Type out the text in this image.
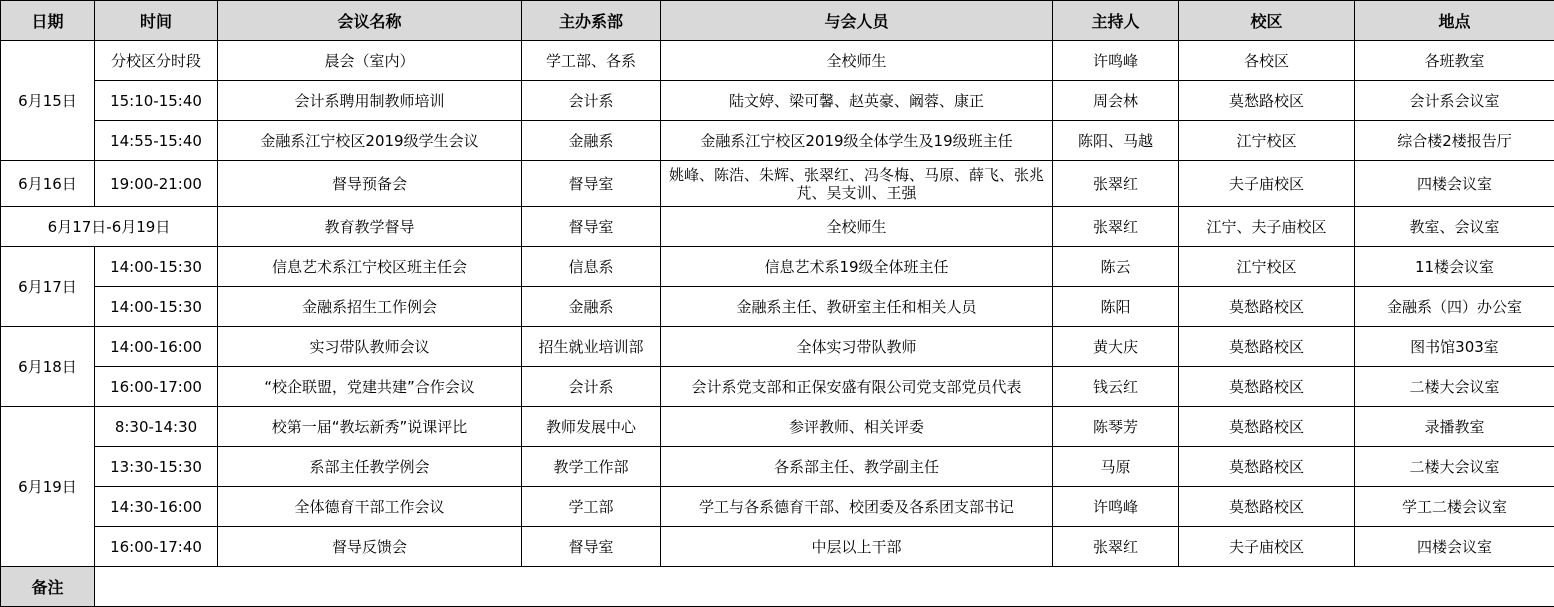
日期	时间	会议名称	主办系部	与会人员	主持人	校区	地点
6月15日	分校区分时段	晨会（室内）	学工部、各系	全校师生	许鸣峰	各校区	各班教室
	15:10-15:40	会计系聘用制教师培训	会计系	陆文婷、梁可馨、赵英豪、阚蓉、康正	周会林	莫愁路校区	会计系会议室
	14:55-15:40	金融系江宁校区2019级学生会议	金融系	金融系江宁校区2019级全体学生及19级班主任	陈阳、马越	江宁校区	综合楼2楼报告厅
6月16日	19:00-21:00	督导预备会	督导室	姚峰、陈浩、朱辉、张翠红、冯冬梅、马原、薛飞、张兆芃、吴支训、王强	张翠红	夫子庙校区	四楼会议室
6月17日-6月19日		教育教学督导	督导室	全校师生	张翠红	江宁、夫子庙校区	教室、会议室
6月17日	14:00-15:30	信息艺术系江宁校区班主任会	信息系	信息艺术系19级全体班主任	陈云	江宁校区	11楼会议室
	14:00-15:30	金融系招生工作例会	金融系	金融系主任、教研室主任和相关人员	陈阳	莫愁路校区	金融系（四）办公室
6月18日	14:00-16:00	实习带队教师会议	招生就业培训部	全体实习带队教师	黄大庆	莫愁路校区	图书馆303室
	16:00-17:00	“校企联盟，党建共建”合作会议	会计系	会计系党支部和正保安盛有限公司党支部党员代表	钱云红	莫愁路校区	二楼大会议室
6月19日	8:30-14:30	校第一届“教坛新秀”说课评比	教师发展中心	参评教师、相关评委	陈琴芳	莫愁路校区	录播教室
	13:30-15:30	系部主任教学例会	教学工作部	各系部主任、教学副主任	马原	莫愁路校区	二楼大会议室
	14:30-16:00	全体德育干部工作会议	学工部	学工与各系德育干部、校团委及各系团支部书记	许鸣峰	莫愁路校区	学工二楼会议室
	16:00-17:40	督导反馈会	督导室	中层以上干部	张翠红	夫子庙校区	四楼会议室
备注							
